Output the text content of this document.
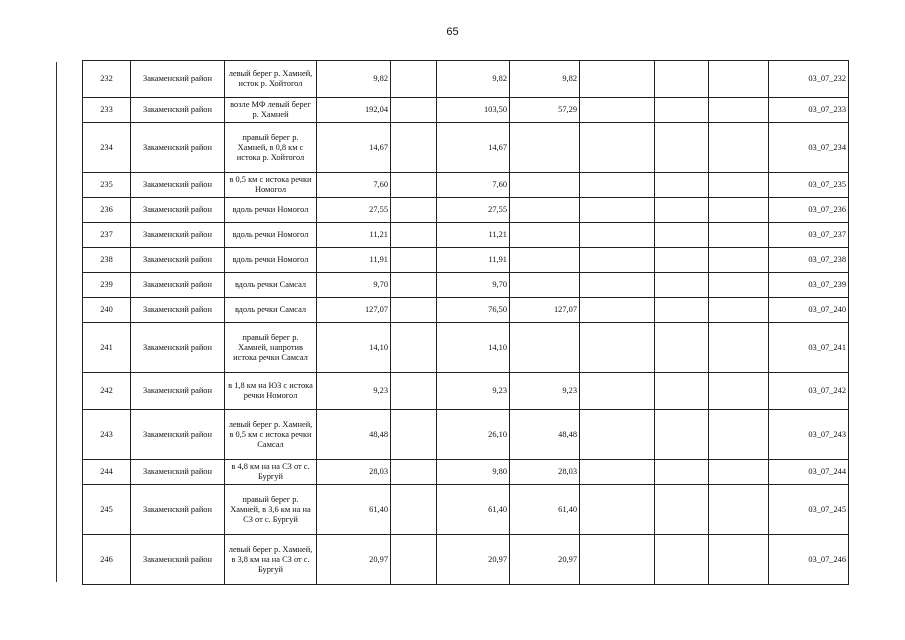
65
232	Закаменский район	левый берег р. Хамней, исток р. Хойтогол	9,82		9,82	9,82				03_07_232
233	Закаменский район	возле МФ левый берег р. Хамней	192,04		103,50	57,29				03_07_233
234	Закаменский район	правый берег р. Хамней, в 0,8 км с истока р. Хойтогол	14,67		14,67					03_07_234
235	Закаменский район	в 0,5 км с истока речки Номогол	7,60		7,60					03_07_235
236	Закаменский район	вдоль речки Номогол	27,55		27,55					03_07_236
237	Закаменский район	вдоль речки Номогол	11,21		11,21					03_07_237
238	Закаменский район	вдоль речки Номогол	11,91		11,91					03_07_238
239	Закаменский район	вдоль речки Самсал	9,70		9,70					03_07_239
240	Закаменский район	вдоль речки Самсал	127,07		76,50	127,07				03_07_240
241	Закаменский район	правый берег р. Хамней, напротив истока речки Самсал	14,10		14,10					03_07_241
242	Закаменский район	в 1,8 км на ЮЗ с истока речки Номогол	9,23		9,23	9,23				03_07_242
243	Закаменский район	левый берег р. Хамней, в 0,5 км с истока речки Самсал	48,48		26,10	48,48				03_07_243
244	Закаменский район	в 4,8 км на на СЗ от с. Бургуй	28,03		9,80	28,03				03_07_244
245	Закаменский район	правый берег р. Хамней, в 3,6 км на на СЗ от с. Бургуй	61,40		61,40	61,40				03_07_245
246	Закаменский район	левый берег р. Хамней, в 3,8 км на на СЗ от с. Бургуй	20,97		20,97	20,97				03_07_246
